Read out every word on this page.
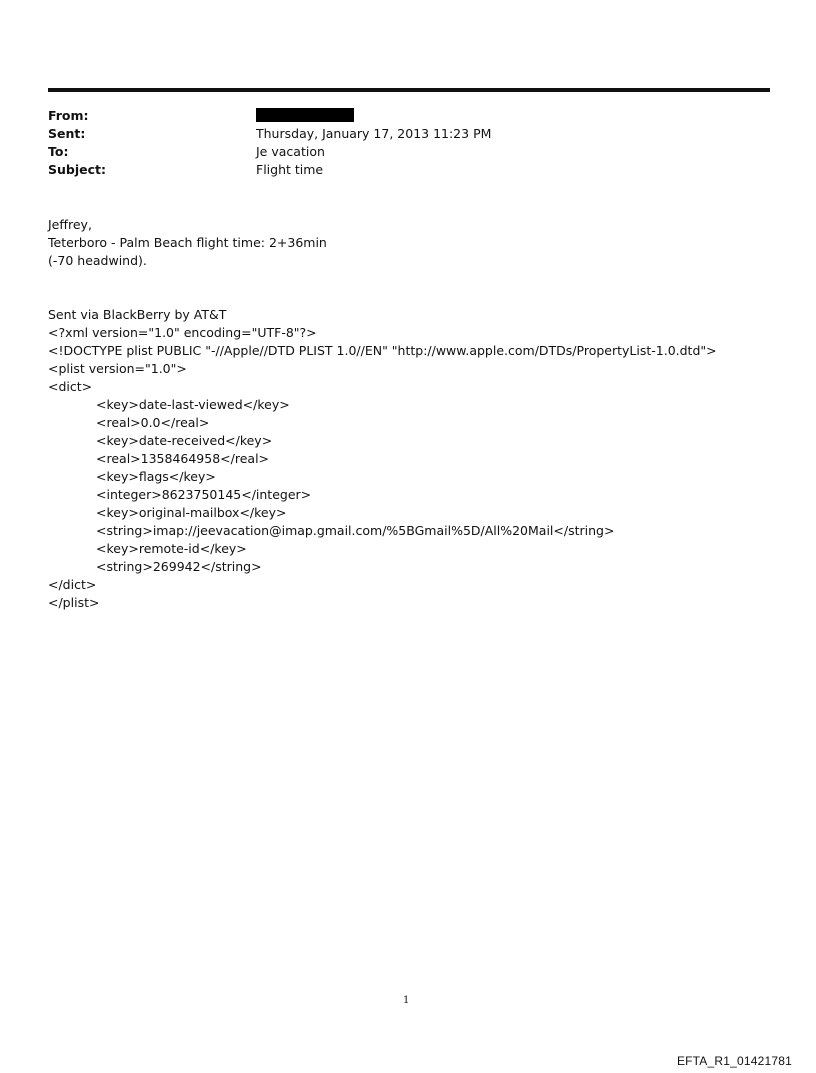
From:
Sent:	Thursday, January 17, 2013 11:23 PM
To:	Je vacation
Subject:	Flight time
Jeffrey,
Teterboro - Palm Beach flight time: 2+36min
(-70 headwind).
Sent via BlackBerry by AT&T
<?xml version="1.0" encoding="UTF-8"?>
<!DOCTYPE plist PUBLIC "-//Apple//DTD PLIST 1.0//EN" "http://www.apple.com/DTDs/PropertyList-1.0.dtd">
<plist version="1.0">
<dict>
<key>date-last-viewed</key>
<real>0.0</real>
<key>date-received</key>
<real>1358464958</real>
<key>flags</key>
<integer>8623750145</integer>
<key>original-mailbox</key>
<string>imap://jeevacation@imap.gmail.com/%5BGmail%5D/All%20Mail</string>
<key>remote-id</key>
<string>269942</string>
</dict>
</plist>
1
EFTA_R1_01421781
